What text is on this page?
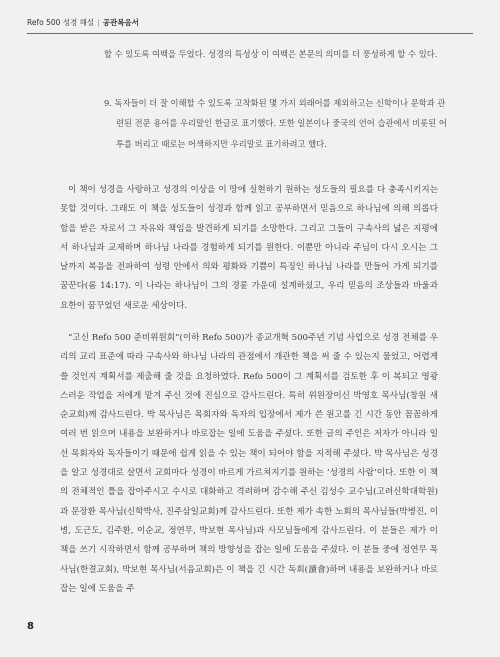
Refo 500 성경 해설 | 공관복음서
할 수 있도록 여백을 두었다. 성경의 특성상 이 여백은 본문의 의미를 더 풍성하게 할 수 있다.
9. 독자들이 더 잘 이해할 수 있도록 고착화된 몇 가지 외래어를 제외하고는 신학이나 문학과 관련된 전문 용어를 우리말인 한글로 표기했다. 또한 일본이나 중국의 언어 습관에서 비롯된 어투를 버리고 때로는 어색하지만 우리말로 표기하려고 했다.
이 책이 성경을 사랑하고 성경의 이상을 이 땅에 실현하기 원하는 성도들의 필요를 다 충족시키지는 못할 것이다. 그래도 이 책을 성도들이 성경과 함께 읽고 공부하면서 믿음으로 하나님에 의해 의롭다 함을 받은 자로서 그 자유와 책임을 발견하게 되기를 소망한다. 그리고 그들이 구속사의 넓은 지평에서 하나님과 교제하며 하나님 나라를 경험하게 되기를 원한다. 이뿐만 아니라 주님이 다시 오시는 그날까지 복음을 전파하여 성령 안에서 의와 평화와 기쁨이 특징인 하나님 나라를 만들어 가게 되기를 꿈꾼다(롬 14:17). 이 나라는 하나님이 그의 경륜 가운데 설계하셨고, 우리 믿음의 조상들과 바울과 요한이 꿈꾸었던 새로운 세상이다.
“고신 Refo 500 준비위원회”(이하 Refo 500)가 종교개혁 500주년 기념 사업으로 성경 전체를 우리의 교리 표준에 따라 구속사와 하나님 나라의 관점에서 개관한 책을 써 줄 수 있는지 물었고, 어렵게 쓸 것인지 계획서를 제출해 줄 것을 요청하였다. Refo 500이 그 계획서를 검토한 후 이 복되고 영광스러운 작업을 저에게 맡겨 주신 것에 진심으로 감사드린다. 특히 위원장이신 박영호 목사님(창원 새순교회)께 감사드린다. 박 목사님은 목회자와 독자의 입장에서 제가 쓴 원고를 긴 시간 동안 꼼꼼하게 여러 번 읽으며 내용을 보완하거나 바로잡는 일에 도움을 주셨다. 또한 글의 주인은 저자가 아니라 일선 목회자와 독자들이기 때문에 쉽게 읽을 수 있는 책이 되어야 함을 지적해 주셨다. 박 목사님은 성경을 알고 성경대로 살면서 교회마다 성경이 바르게 가르쳐지기를 원하는 ‘성경의 사람’이다. 또한 이 책의 전체적인 틀을 잡아주시고 수시로 대화하고 격려하며 감수해 주신 김성수 교수님(고려신학대학원)과 문장환 목사님(신학박사, 진주삼일교회)께 감사드린다. 또한 제가 속한 노회의 목사님들(박병진, 이병, 도근도, 김주환, 이순교, 정연무, 박보현 목사님)과 사모님들에게 감사드린다. 이 분들은 제가 이 책을 쓰기 시작하면서 함께 공부하며 책의 방향성을 잡는 일에 도움을 주셨다. 이 분들 중에 정연무 목사님(한결교회), 박보현 목사님(서음교회)은 이 책을 긴 시간 독회(讀會)하며 내용을 보완하거나 바로잡는 일에 도움을 주
8
